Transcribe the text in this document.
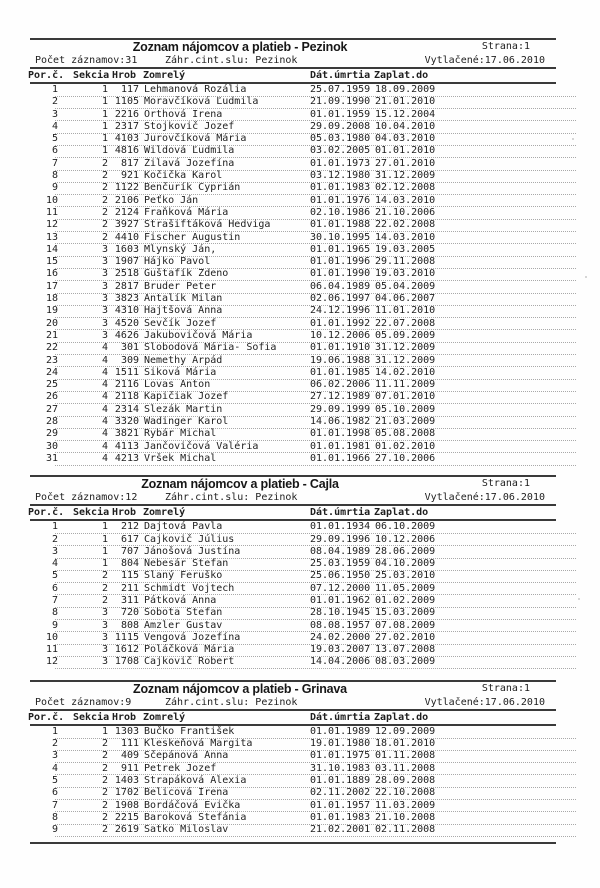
Zoznam nájomcov a platieb - Pezinok	Strana:1
Počet záznamov:31	Záhr.cint.slu: Pezinok	Vytlačené:17.06.2010
Por.č. Sekcia Hrob Zomrelý	Dát.úmrtia Zaplat.do
1	1	117 Lehmanová Rozália	25.07.1959 18.09.2009
2	1 1105 Moravčíková Ľudmila	21.09.1990 21.01.2010
3	1 2216 Orthová Irena	01.01.1959 15.12.2004
4	1 2317 Stojkovič Jozef	29.09.2008 10.04.2010
5	1 4103 Jurovčíková Mária	05.03.1980 04.03.2010
6	1 4816 Wildová Ľudmila	03.02.2005 01.01.2010
7	2	817 Žilavá Jozefína	01.01.1973 27.01.2010
8	2	921 Kočička Karol	03.12.1980 31.12.2009
9	2 1122 Benčurík Cyprián	01.01.1983 02.12.2008
10	2 2106 Peťko Ján	01.01.1976 14.03.2010
11	2 2124 Fraňková Mária	02.10.1986 21.10.2006
12	2 3927 Strašiftáková Hedviga	01.01.1988 22.02.2008
13	2 4410 Fischer Augustin	30.10.1995 14.03.2010
14	3 1603 Mlynský Ján,	01.01.1965 19.03.2005
15	3 1907 Hájko Pavol	01.01.1996 29.11.2008
16	3 2518 Guštafík Zdeno	01.01.1990 19.03.2010
17	3 2817 Bruder Peter	06.04.1989 05.04.2009
18	3 3823 Antalík Milan	02.06.1997 04.06.2007
19	3 4310 Hajtšová Anna	24.12.1996 11.01.2010
20	3 4520 Ševčík Jozef	01.01.1992 22.07.2008
21	3 4626 Jakubovičová Mária	10.12.2006 05.09.2009
22	4	301 Slobodová Mária- Sofia	01.01.1910 31.12.2009
23	4	309 Nemethy Arpád	19.06.1988 31.12.2009
24	4 1511 Šiková Mária	01.01.1985 14.02.2010
25	4 2116 Lovas Anton	06.02.2006 11.11.2009
26	4 2118 Kapičiak Jozef	27.12.1989 07.01.2010
27	4 2314 Slezák Martin	29.09.1999 05.10.2009
28	4 3320 Wadinger Karol	14.06.1982 21.03.2009
29	4 3821 Rybár Michal	01.01.1998 05.08.2008
30	4 4113 Jančovičová Valéria	01.01.1981 01.02.2010
31	4 4213 Vršek Michal	01.01.1966 27.10.2006
Zoznam nájomcov a platieb - Cajla	Strana:1
Počet záznamov:12	Záhr.cint.slu: Pezinok	Vytlačené:17.06.2010
Por.č. Sekcia Hrob Zomrelý	Dát.úmrtia Zaplat.do
1	1	212 Dajtová Pavla	01.01.1934 06.10.2009
2	1	617 Čajkovič Július	29.09.1996 10.12.2006
3	1	707 Jánošová Justína	08.04.1989 28.06.2009
4	1	804 Nebesár Štefan	25.03.1959 04.10.2009
5	2	115 Slaný Feruško	25.06.1950 25.03.2010
6	2	211 Schmidt Vojtech	07.12.2000 11.05.2009
7	2	311 Pátková Anna	01.01.1962 01.02.2009
8	3	720 Sobota Štefan	28.10.1945 15.03.2009
9	3	808 Amzler Gustav	08.08.1957 07.08.2009
10	3 1115 Vengová Jozefína	24.02.2000 27.02.2010
11	3 1612 Poláčková Mária	19.03.2007 13.07.2008
12	3 1708 Čajkovič Robert	14.04.2006 08.03.2009
Zoznam nájomcov a platieb - Grinava	Strana:1
Počet záznamov:9	Záhr.cint.slu: Pezinok	Vytlačené:17.06.2010
Por.č. Sekcia Hrob Zomrelý	Dát.úmrtia Zaplat.do
1	1 1303 Bučko František	01.01.1989 12.09.2009
2	2	111 Kleskeňová Margita	19.01.1980 18.01.2010
3	2	409 Ščepánová Anna	01.01.1975 01.11.2008
4	2	911 Petrek Jozef	31.10.1983 03.11.2008
5	2 1403 Strapáková Alexia	01.01.1889 28.09.2008
6	2 1702 Belicová Irena	02.11.2002 22.10.2008
7	2 1908 Bordáčová Evička	01.01.1957 11.03.2009
8	2 2215 Baroková Štefánia	01.01.1983 21.10.2008
9	2 2619 Satko Miloslav	21.02.2001 02.11.2008
